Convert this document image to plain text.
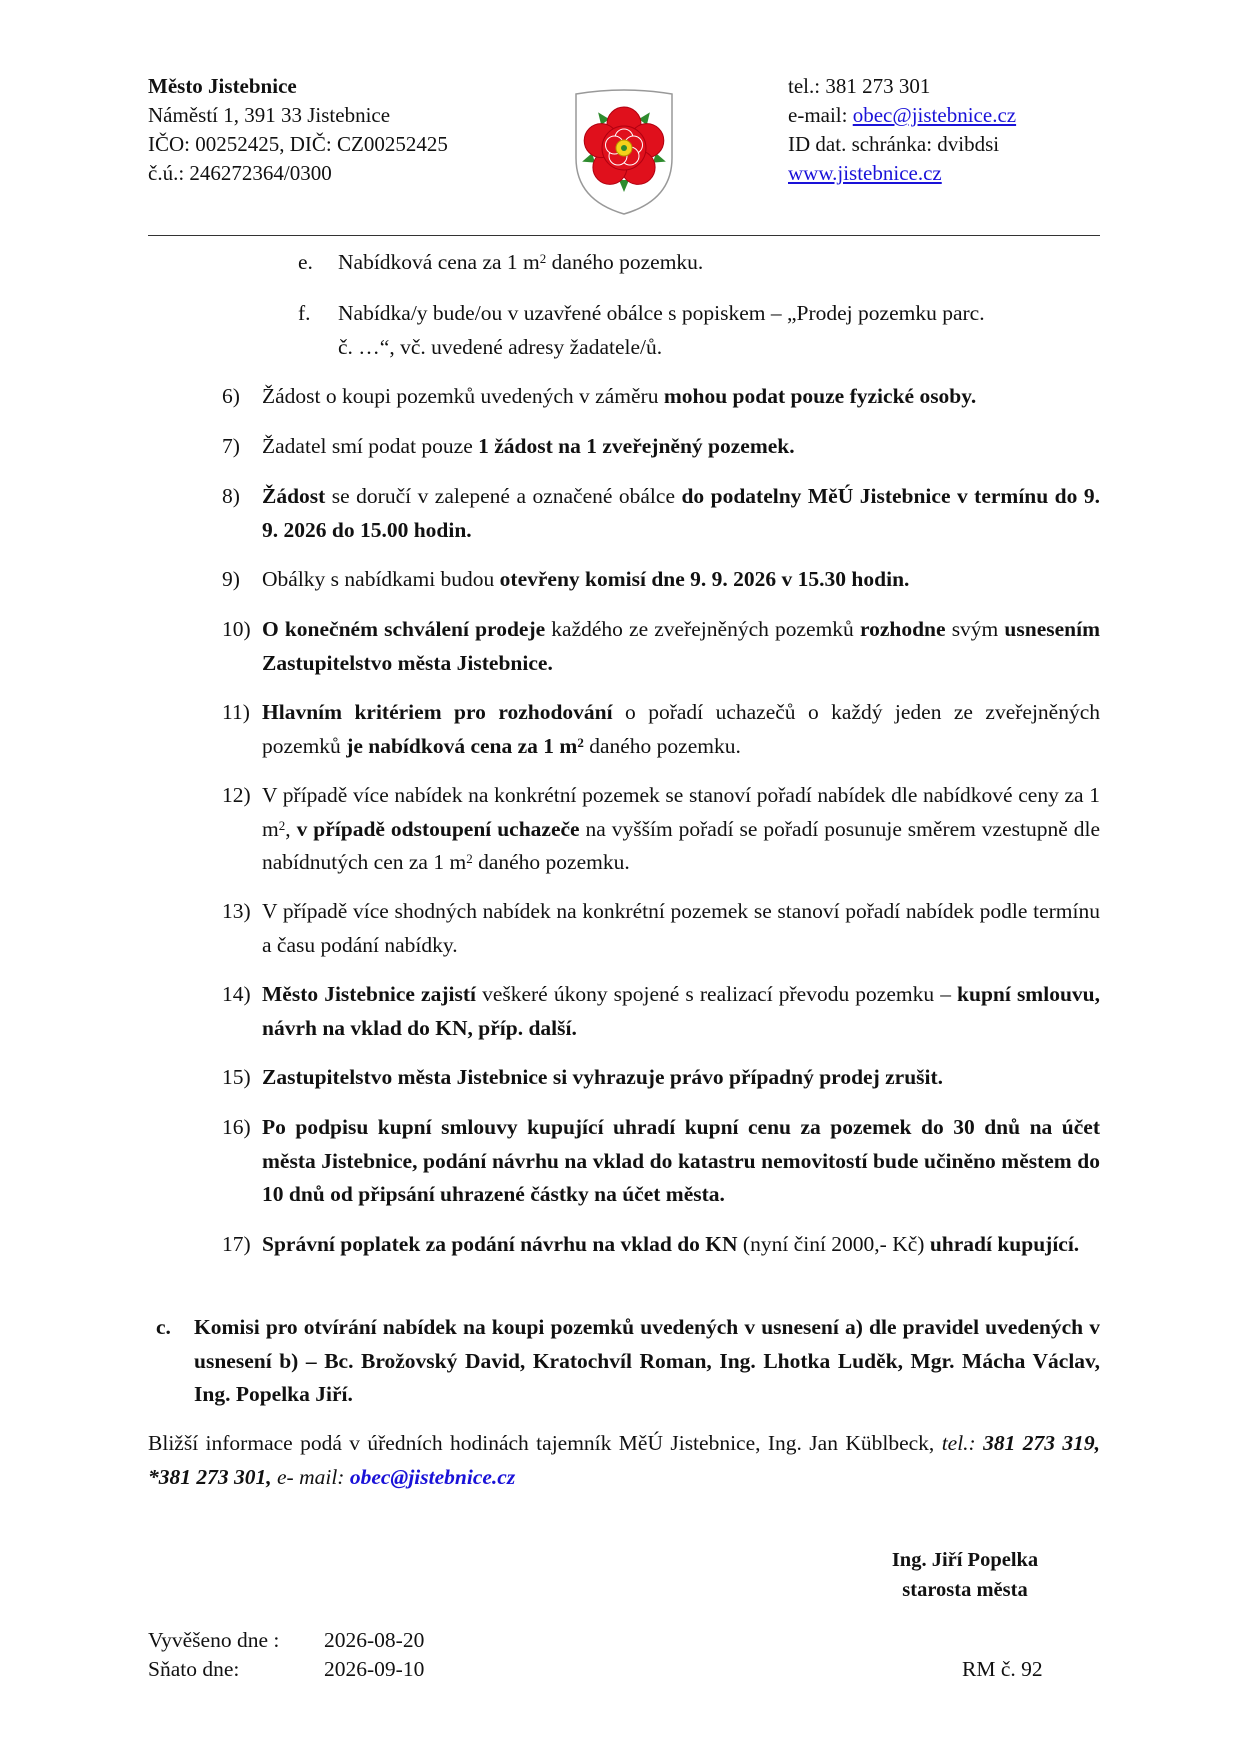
Město Jistebnice
Náměstí 1, 391 33 Jistebnice
IČO: 00252425, DIČ: CZ00252425
č.ú.: 246272364/0300
tel.: 381 273 301
e-mail: obec@jistebnice.cz
ID dat. schránka: dvibdsi
www.jistebnice.cz
e. Nabídková cena za 1 $m^2$ daného pozemku.
f. Nabídka/y bude/ou v uzavřené obálce s popiskem – „Prodej pozemku parc.
č. …“, vč. uvedené adresy žadatele/ů.
6)	Žádost o koupi pozemků uvedených v záměru mohou podat pouze fyzické osoby.
7)	Žadatel smí podat pouze 1 žádost na 1 zveřejněný pozemek.
8)	Žádost se doručí v zalepené a označené obálce do podatelny MěÚ Jistebnice v termínu do 9. 9. 2026 do 15.00 hodin.
9)	Obálky s nabídkami budou otevřeny komisí dne 9. 9. 2026 v 15.30 hodin.
10) O konečném schválení prodeje každého ze zveřejněných pozemků rozhodne svým usnesením Zastupitelstvo města Jistebnice.
11) Hlavním kritériem pro rozhodování o pořadí uchazečů o každý jeden ze zveřejněných pozemků je nabídková cena za 1 $m^2$ daného pozemku.
12) V případě více nabídek na konkrétní pozemek se stanoví pořadí nabídek dle nabídkové ceny za 1 $m^2$, v případě odstoupení uchazeče na vyšším pořadí se pořadí posunuje směrem vzestupně dle nabídnutých cen za 1 $m^2$ daného pozemku.
13) V případě více shodných nabídek na konkrétní pozemek se stanoví pořadí nabídek podle termínu a času podání nabídky.
14) Město Jistebnice zajistí veškeré úkony spojené s realizací převodu pozemku – kupní smlouvu, návrh na vklad do KN, příp. další.
15) Zastupitelstvo města Jistebnice si vyhrazuje právo případný prodej zrušit.
16) Po podpisu kupní smlouvy kupující uhradí kupní cenu za pozemek do 30 dnů na účet města Jistebnice, podání návrhu na vklad do katastru nemovitostí bude učiněno městem do 10 dnů od připsání uhrazené částky na účet města.
17) Správní poplatek za podání návrhu na vklad do KN (nyní činí 2000,- Kč) uhradí kupující.
c. Komisi pro otvírání nabídek na koupi pozemků uvedených v usnesení a) dle pravidel uvedených v usnesení b) – Bc. Brožovský David, Kratochvíl Roman, Ing. Lhotka Luděk, Mgr. Mácha Václav, Ing. Popelka Jiří.
Bližší informace podá v úředních hodinách tajemník MěÚ Jistebnice, Ing. Jan Küblbeck, tel.: 381 273 319, *381 273 301, e- mail: obec@jistebnice.cz
Ing. Jiří Popelka
starosta města
Vyvěšeno dne : 2026-08-20
Sňato dne:	2026-09-10	RM č. 92
